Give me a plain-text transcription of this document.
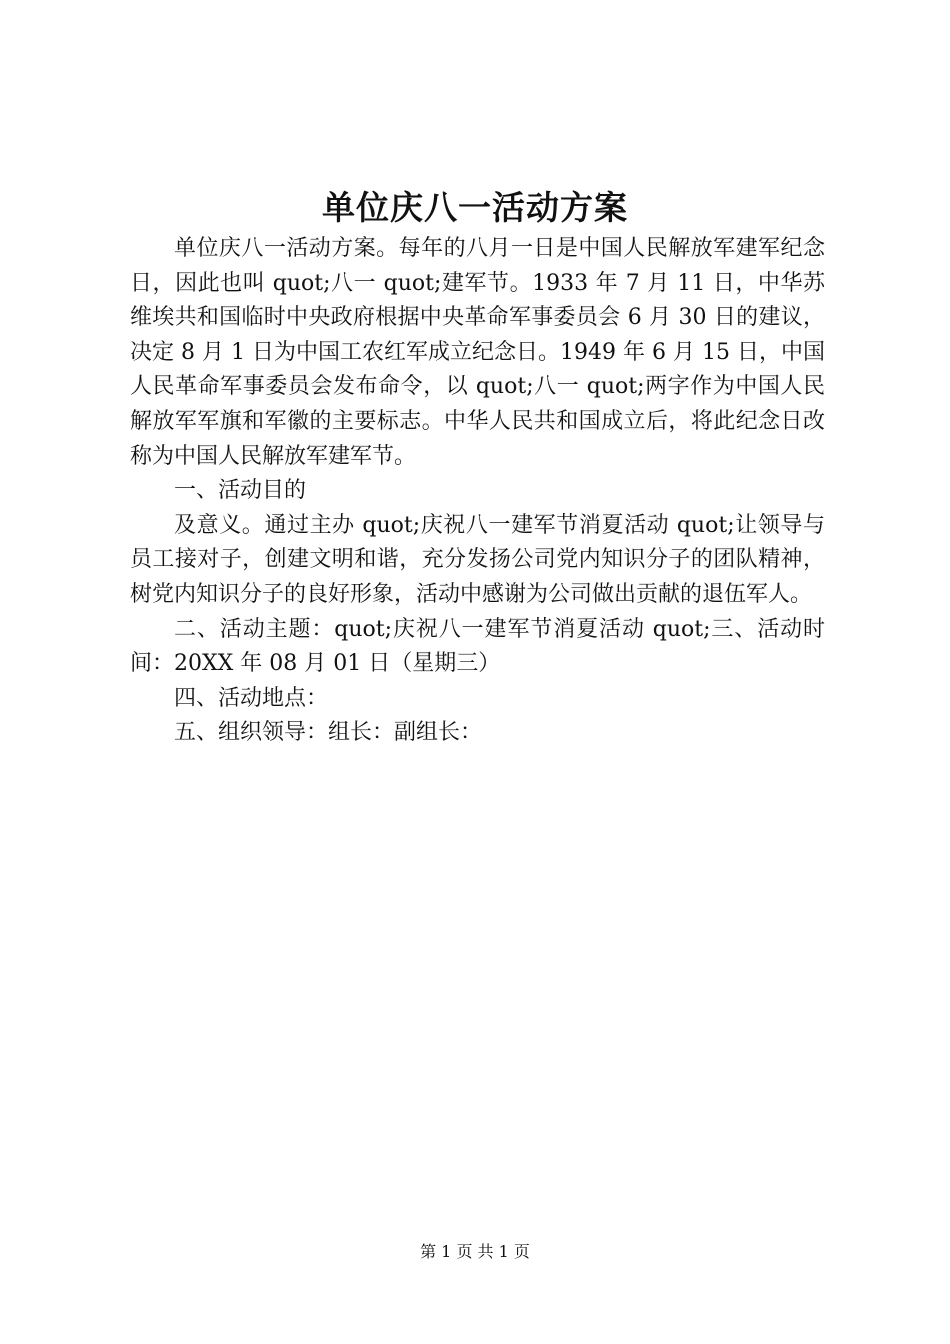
单位庆八一活动方案

单位庆八一活动方案。每年的八月一日是中国人民解放军建军纪念日，因此也叫 quot;八一 quot;建军节。1933 年 7 月 11 日，中华苏维埃共和国临时中央政府根据中央革命军事委员会 6 月 30 日的建议，决定 8 月 1 日为中国工农红军成立纪念日。1949 年 6 月 15 日，中国人民革命军事委员会发布命令，以 quot;八一 quot;两字作为中国人民解放军军旗和军徽的主要标志。中华人民共和国成立后，将此纪念日改称为中国人民解放军建军节。

一、活动目的

及意义。通过主办 quot;庆祝八一建军节消夏活动 quot;让领导与员工接对子，创建文明和谐，充分发扬公司党内知识分子的团队精神，树党内知识分子的良好形象，活动中感谢为公司做出贡献的退伍军人。

二、活动主题：quot;庆祝八一建军节消夏活动 quot;三、活动时间：20XX 年 08 月 01 日（星期三）

四、活动地点：

五、组织领导：组长：副组长：

第 1 页 共 1 页
